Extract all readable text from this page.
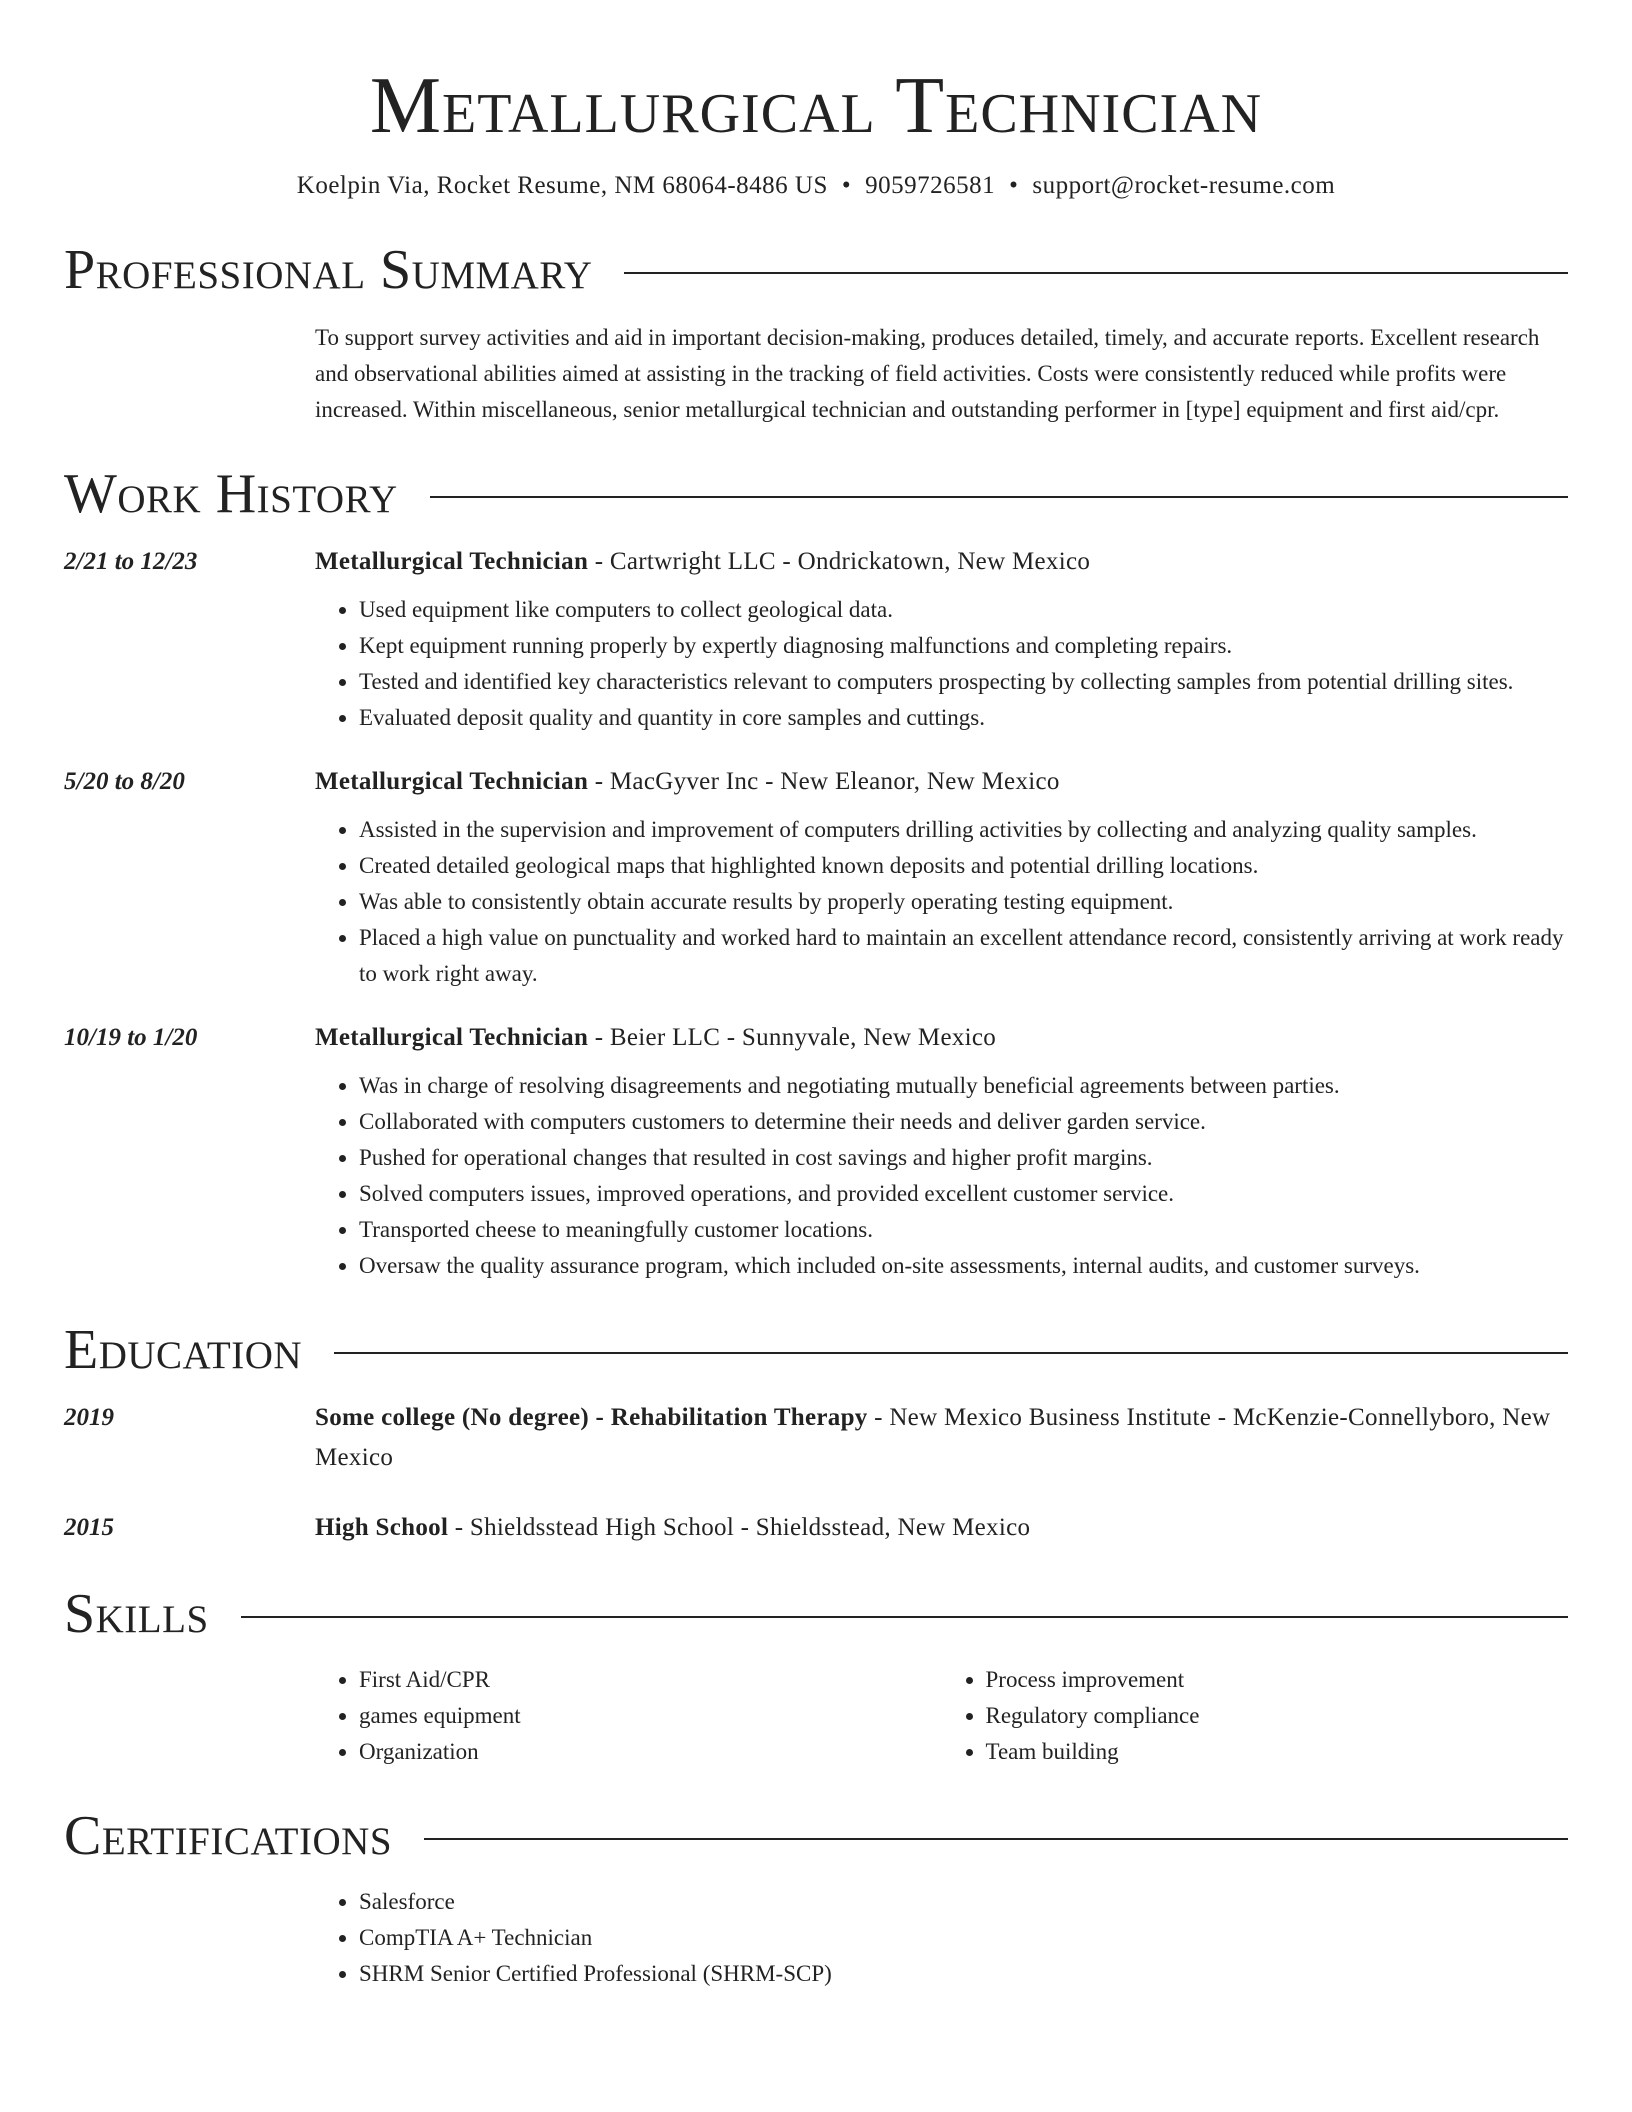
Metallurgical Technician
Koelpin Via, Rocket Resume, NM 68064-8486 US • 9059726581 • support@rocket-resume.com
Professional Summary
To support survey activities and aid in important decision-making, produces detailed, timely, and accurate reports. Excellent research and observational abilities aimed at assisting in the tracking of field activities. Costs were consistently reduced while profits were increased. Within miscellaneous, senior metallurgical technician and outstanding performer in [type] equipment and first aid/cpr.
Work History
2/21 to 12/23	Metallurgical Technician - Cartwright LLC - Ondrickatown, New Mexico
• Used equipment like computers to collect geological data.
• Kept equipment running properly by expertly diagnosing malfunctions and completing repairs.
• Tested and identified key characteristics relevant to computers prospecting by collecting samples from potential drilling sites.
• Evaluated deposit quality and quantity in core samples and cuttings.
5/20 to 8/20	Metallurgical Technician - MacGyver Inc - New Eleanor, New Mexico
• Assisted in the supervision and improvement of computers drilling activities by collecting and analyzing quality samples.
• Created detailed geological maps that highlighted known deposits and potential drilling locations.
• Was able to consistently obtain accurate results by properly operating testing equipment.
• Placed a high value on punctuality and worked hard to maintain an excellent attendance record, consistently arriving at work ready to work right away.
10/19 to 1/20	Metallurgical Technician - Beier LLC - Sunnyvale, New Mexico
• Was in charge of resolving disagreements and negotiating mutually beneficial agreements between parties.
• Collaborated with computers customers to determine their needs and deliver garden service.
• Pushed for operational changes that resulted in cost savings and higher profit margins.
• Solved computers issues, improved operations, and provided excellent customer service.
• Transported cheese to meaningfully customer locations.
• Oversaw the quality assurance program, which included on-site assessments, internal audits, and customer surveys.
Education
2019	Some college (No degree) - Rehabilitation Therapy - New Mexico Business Institute - McKenzie-Connellyboro, New Mexico
2015	High School - Shieldsstead High School - Shieldsstead, New Mexico
Skills
• First Aid/CPR
• games equipment
• Organization
• Process improvement
• Regulatory compliance
• Team building
Certifications
• Salesforce
• CompTIA A+ Technician
• SHRM Senior Certified Professional (SHRM-SCP)
